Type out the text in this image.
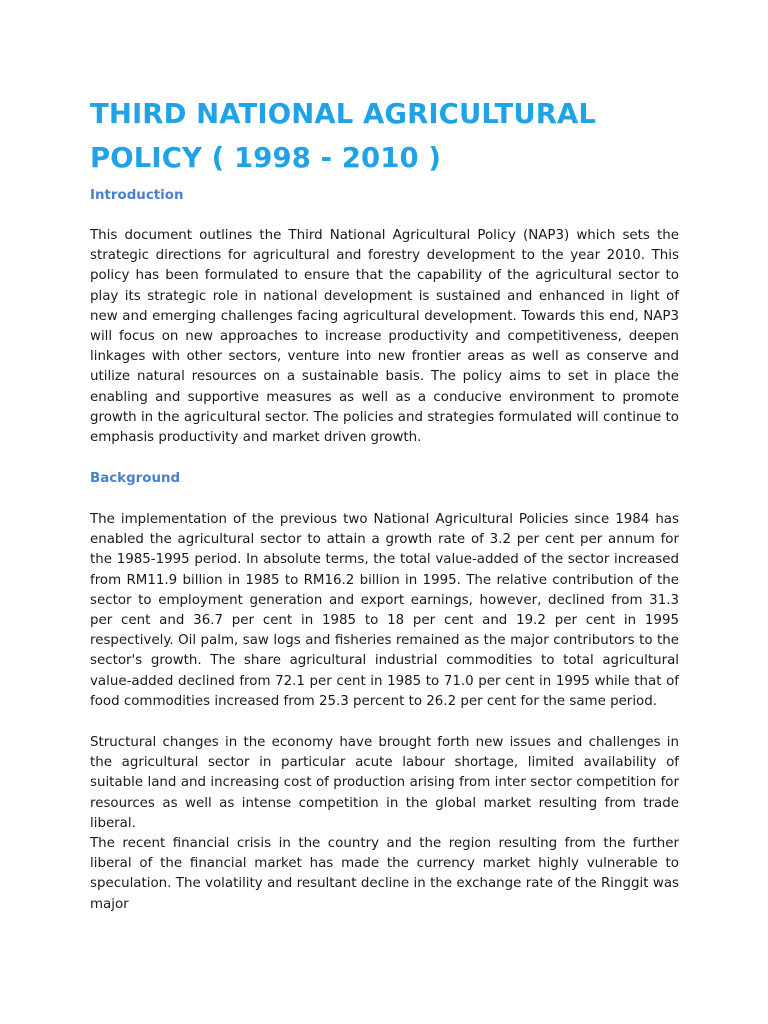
THIRD NATIONAL AGRICULTURAL POLICY ( 1998 - 2010 )
Introduction

This document outlines the Third National Agricultural Policy (NAP3) which sets the strategic directions for agricultural and forestry development to the year 2010. This policy has been formulated to ensure that the capability of the agricultural sector to play its strategic role in national development is sustained and enhanced in light of new and emerging challenges facing agricultural development. Towards this end, NAP3 will focus on new approaches to increase productivity and competitiveness, deepen linkages with other sectors, venture into new frontier areas as well as conserve and utilize natural resources on a sustainable basis. The policy aims to set in place the enabling and supportive measures as well as a conducive environment to promote growth in the agricultural sector. The policies and strategies formulated will continue to emphasis productivity and market driven growth.

Background

The implementation of the previous two National Agricultural Policies since 1984 has enabled the agricultural sector to attain a growth rate of 3.2 per cent per annum for the 1985-1995 period. In absolute terms, the total value-added of the sector increased from RM11.9 billion in 1985 to RM16.2 billion in 1995. The relative contribution of the sector to employment generation and export earnings, however, declined from 31.3 per cent and 36.7 per cent in 1985 to 18 per cent and 19.2 per cent in 1995 respectively. Oil palm, saw logs and fisheries remained as the major contributors to the sector's growth. The share agricultural industrial commodities to total agricultural value-added declined from 72.1 per cent in 1985 to 71.0 per cent in 1995 while that of food commodities increased from 25.3 percent to 26.2 per cent for the same period.

Structural changes in the economy have brought forth new issues and challenges in the agricultural sector in particular acute labour shortage, limited availability of suitable land and increasing cost of production arising from inter sector competition for resources as well as intense competition in the global market resulting from trade liberal.

The recent financial crisis in the country and the region resulting from the further liberal of the financial market has made the currency market highly vulnerable to speculation. The volatility and resultant decline in the exchange rate of the Ringgit was major
